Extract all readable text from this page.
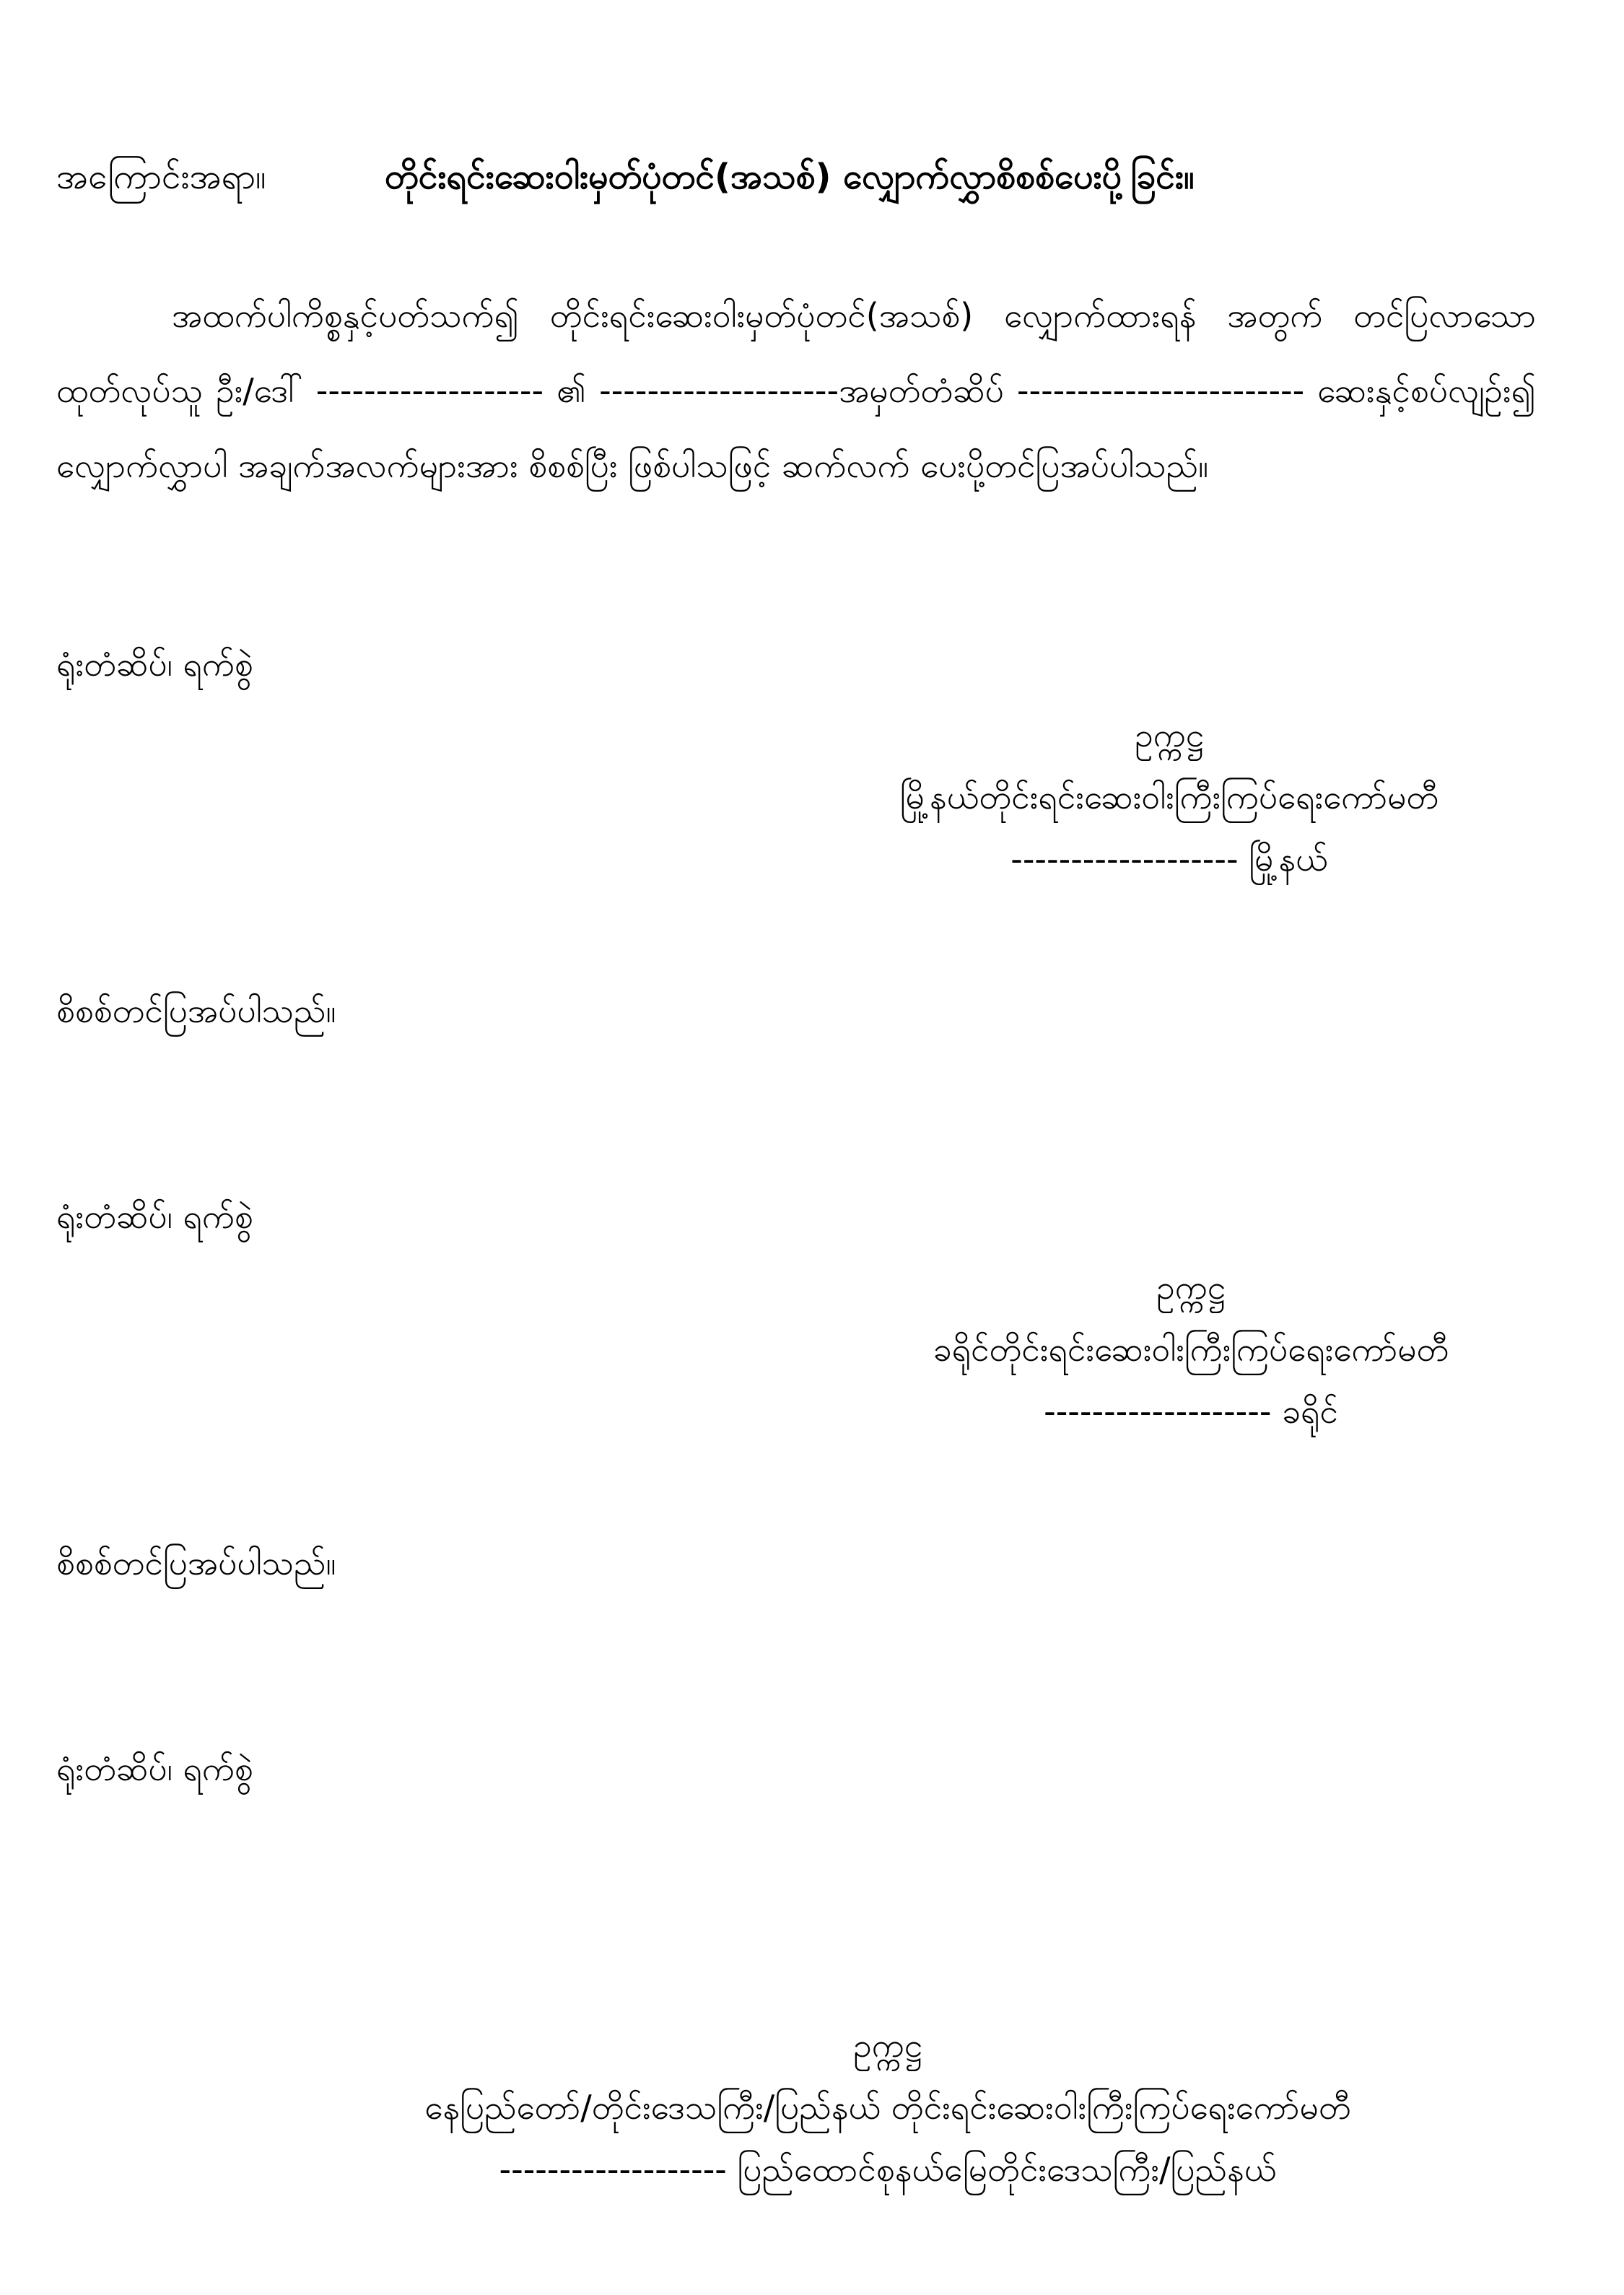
အကြောင်းအရာ။	တိုင်းရင်းဆေးဝါးမှတ်ပုံတင်(အသစ်) လျှောက်လွှာစိစစ်ပေးပို့ခြင်း။
အထက်ပါကိစ္စနှင့်ပတ်သက်၍ တိုင်းရင်းဆေးဝါးမှတ်ပုံတင်(အသစ်) လျှောက်ထားရန် အတွက် တင်ပြလာသော ထုတ်လုပ်သူ ဦး/ဒေါ် ------------------- ၏ --------------------အမှတ်တံဆိပ် ------------------------ ဆေးနှင့်စပ်လျဉ်း၍ လျှောက်လွှာပါ အချက်အလက်များအား စိစစ်ပြီး ဖြစ်ပါသဖြင့် ဆက်လက် ပေးပို့တင်ပြအပ်ပါသည်။
ရုံးတံဆိပ်၊ ရက်စွဲ
ဥက္ကဋ္ဌ
မြို့နယ်တိုင်းရင်းဆေးဝါးကြီးကြပ်ရေးကော်မတီ
------------------- မြို့နယ်
စိစစ်တင်ပြအပ်ပါသည်။
ရုံးတံဆိပ်၊ ရက်စွဲ
ဥက္ကဋ္ဌ
ခရိုင်တိုင်းရင်းဆေးဝါးကြီးကြပ်ရေးကော်မတီ
------------------- ခရိုင်
စိစစ်တင်ပြအပ်ပါသည်။
ရုံးတံဆိပ်၊ ရက်စွဲ
ဥက္ကဋ္ဌ
နေပြည်တော်/တိုင်းဒေသကြီး/ပြည်နယ် တိုင်းရင်းဆေးဝါးကြီးကြပ်ရေးကော်မတီ
------------------- ပြည်ထောင်စုနယ်မြေတိုင်းဒေသကြီး/ပြည်နယ်
